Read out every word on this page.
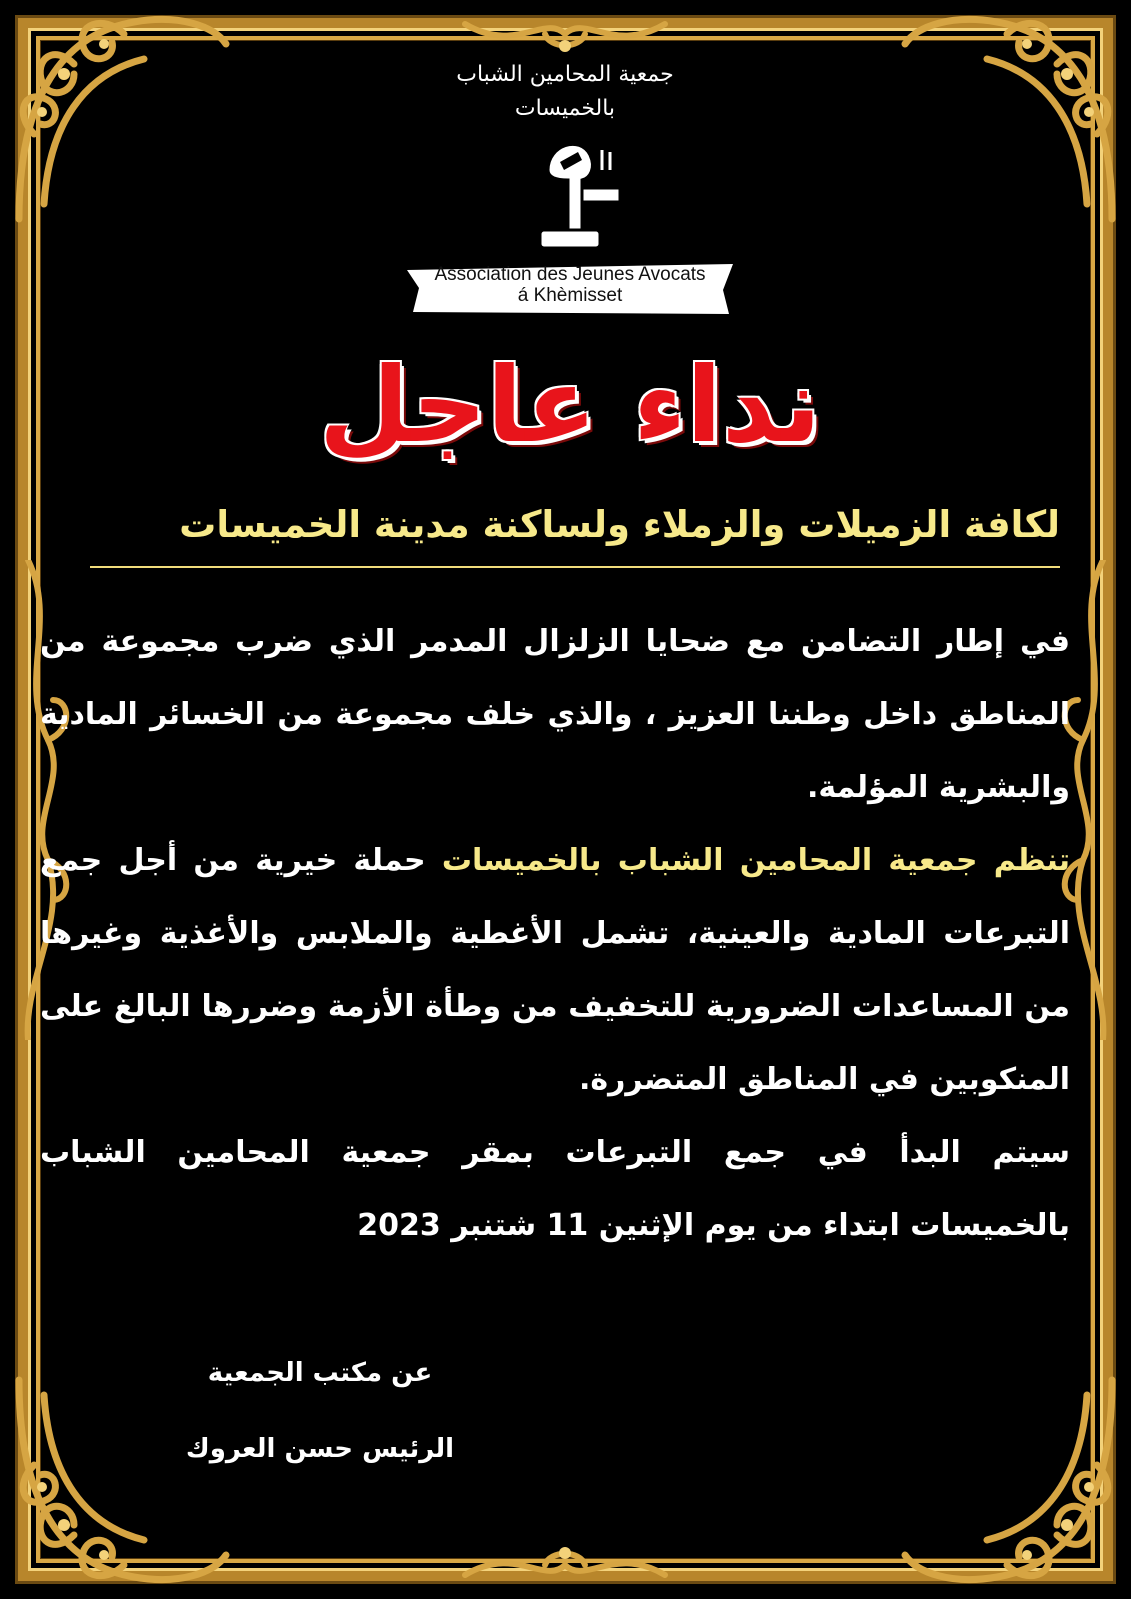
جمعية المحامين الشباب
بالخميسات
Association des Jeunes Avocats
á Khèmisset
نداء عاجل
لكافة الزميلات والزملاء ولساكنة مدينة الخميسات

في إطار التضامن مع ضحايا الزلزال المدمر الذي ضرب مجموعة من المناطق داخل وطننا العزيز ، والذي خلف مجموعة من الخسائر المادية والبشرية المؤلمة.

تنظم جمعية المحامين الشباب بالخميسات حملة خيرية من أجل جمع التبرعات المادية والعينية، تشمل الأغطية والملابس والأغذية وغيرها من المساعدات الضرورية للتخفيف من وطأة الأزمة وضررها البالغ على المنكوبين في المناطق المتضررة.

سيتم البدأ في جمع التبرعات بمقر جمعية المحامين الشباب بالخميسات ابتداء من يوم الإثنين 11 شتنبر 2023

عن مكتب الجمعية
الرئيس حسن العروك
